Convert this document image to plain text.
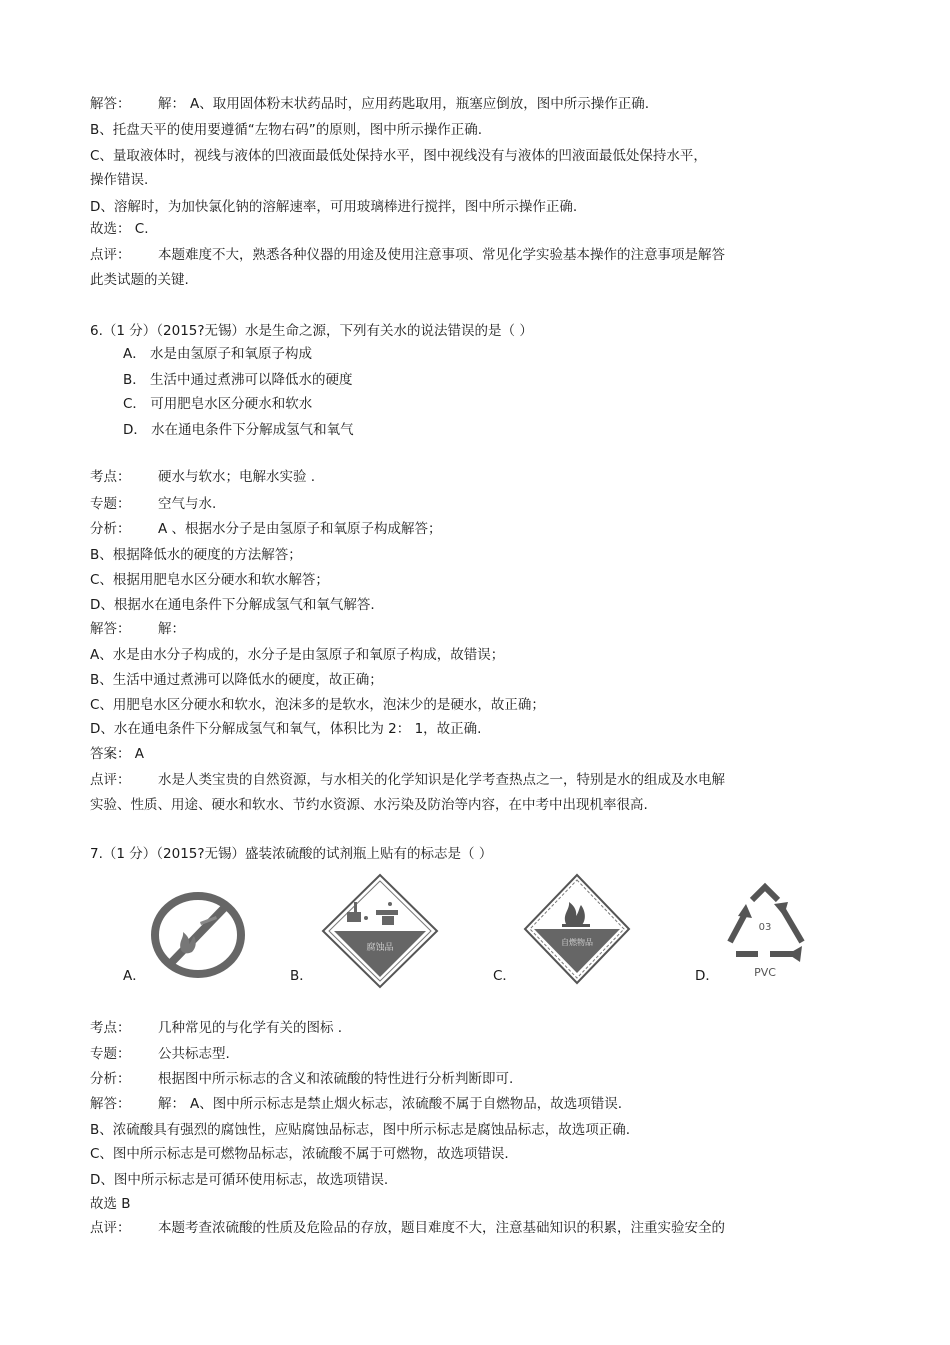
解答： 解： A、取用固体粉末状药品时，应用药匙取用，瓶塞应倒放，图中所示操作正确.
B、托盘天平的使用要遵循“左物右码”的原则，图中所示操作正确.
C、量取液体时，视线与液体的凹液面最低处保持水平，图中视线没有与液体的凹液面最低处保持水平，
操作错误.
D、溶解时，为加快氯化钠的溶解速率，可用玻璃棒进行搅拌，图中所示操作正确.
故选： C.
点评： 本题难度不大，熟悉各种仪器的用途及使用注意事项、常见化学实验基本操作的注意事项是解答
此类试题的关键.
6.（1 分）（2015?无锡）水是生命之源，下列有关水的说法错误的是（ ）
A． 水是由氢原子和氧原子构成
B． 生活中通过煮沸可以降低水的硬度
C． 可用肥皂水区分硬水和软水
D． 水在通电条件下分解成氢气和氧气
考点： 硬水与软水；电解水实验 .
专题： 空气与水.
分析： A 、根据水分子是由氢原子和氧原子构成解答；
B、根据降低水的硬度的方法解答；
C、根据用肥皂水区分硬水和软水解答；
D、根据水在通电条件下分解成氢气和氧气解答.
解答： 解：
A、水是由水分子构成的，水分子是由氢原子和氧原子构成，故错误；
B、生活中通过煮沸可以降低水的硬度，故正确；
C、用肥皂水区分硬水和软水，泡沫多的是软水，泡沫少的是硬水，故正确；
D、水在通电条件下分解成氢气和氧气，体积比为 2： 1，故正确.
答案： A
点评： 水是人类宝贵的自然资源，与水相关的化学知识是化学考查热点之一，特别是水的组成及水电解
实验、性质、用途、硬水和软水、节约水资源、水污染及防治等内容，在中考中出现机率很高.
7.（1 分）（2015?无锡）盛装浓硫酸的试剂瓶上贴有的标志是（ ）
A．
腐蚀品
B．
自燃物品
C．
03
PVC
D．
考点： 几种常见的与化学有关的图标 .
专题： 公共标志型.
分析： 根据图中所示标志的含义和浓硫酸的特性进行分析判断即可.
解答： 解： A、图中所示标志是禁止烟火标志，浓硫酸不属于自燃物品，故选项错误.
B、浓硫酸具有强烈的腐蚀性，应贴腐蚀品标志，图中所示标志是腐蚀品标志，故选项正确.
C、图中所示标志是可燃物品标志，浓硫酸不属于可燃物，故选项错误.
D、图中所示标志是可循环使用标志，故选项错误.
故选 B
点评： 本题考查浓硫酸的性质及危险品的存放，题目难度不大，注意基础知识的积累，注重实验安全的
